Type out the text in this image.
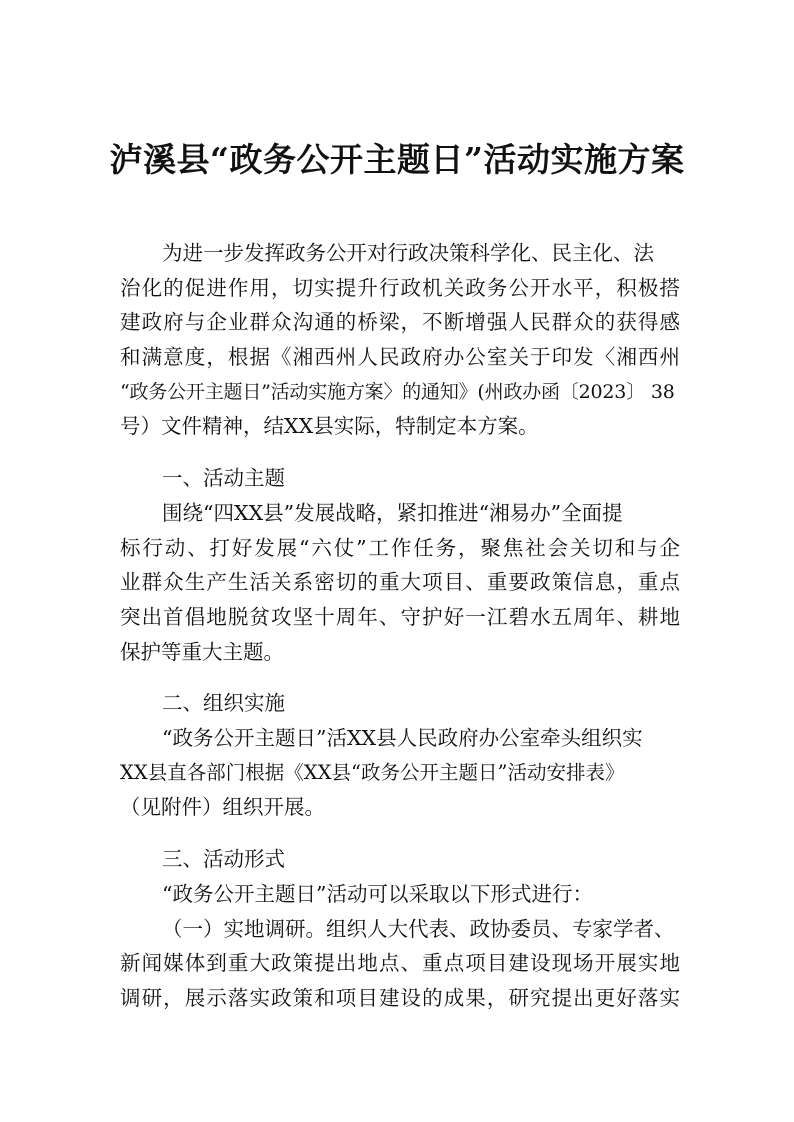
泸溪县“政务公开主题日”活动实施方案
为进一步发挥政务公开对行政决策科学化、民主化、法
治化的促进作用，切实提升行政机关政务公开水平，积极搭
建政府与企业群众沟通的桥梁，不断增强人民群众的获得感
和满意度，根据《湘西州人民政府办公室关于印发〈湘西州
“政务公开主题日”活动实施方案〉的通知》(州政办函〔2023〕 38
号）文件精神，结XX县实际，特制定本方案。
一、活动主题
围绕“四XX县”发展战略，紧扣推进“湘易办”全面提
标行动、打好发展“六仗”工作任务，聚焦社会关切和与企
业群众生产生活关系密切的重大项目、重要政策信息，重点
突出首倡地脱贫攻坚十周年、守护好一江碧水五周年、耕地
保护等重大主题。
二、组织实施
“政务公开主题日”活XX县人民政府办公室牵头组织实
XX县直各部门根据《XX县“政务公开主题日”活动安排表》
（见附件）组织开展。
三、活动形式
“政务公开主题日”活动可以采取以下形式进行：
（一）实地调研。组织人大代表、政协委员、专家学者、
新闻媒体到重大政策提出地点、重点项目建设现场开展实地
调研，展示落实政策和项目建设的成果，研究提出更好落实
